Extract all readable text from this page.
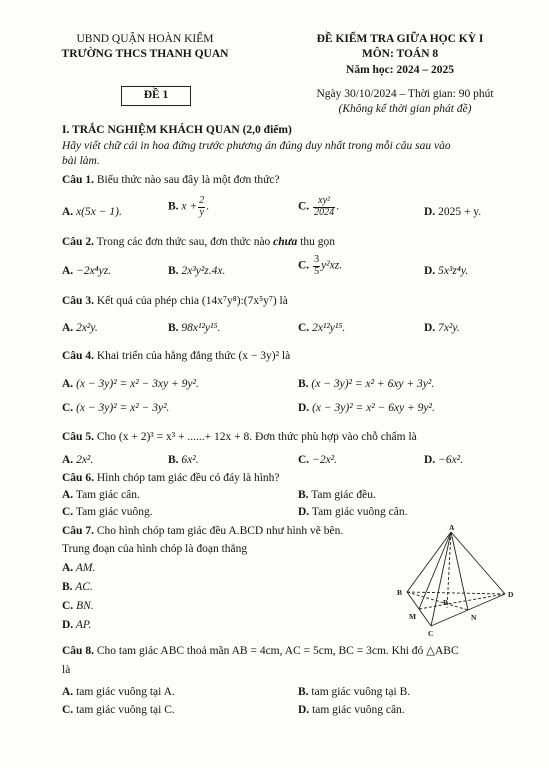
UBND QUẬN HOÀN KIẾM
TRƯỜNG THCS THANH QUAN
ĐỀ KIỂM TRA GIỮA HỌC KỲ I
MÔN: TOÁN 8
Năm học: 2024 – 2025
ĐỀ 1	Ngày 30/10/2024 – Thời gian: 90 phút
(Không kể thời gian phát đề)
I. TRẮC NGHIỆM KHÁCH QUAN (2,0 điểm)
Hãy viết chữ cái in hoa đứng trước phương án đúng duy nhất trong mỗi câu sau vào
bài làm.
Câu 1. Biểu thức nào sau đây là một đơn thức?
A. x(5x − 1).	B. $x + \frac{2}{y}$ .	C. $\frac{\text{xy²}}{2024}$ .	D. 2025 + y.
Câu 2. Trong các đơn thức sau, đơn thức nào chưa thu gọn
A. −2x⁴yz.	B. 2x³y²z.4x.	C. $\frac{3}{5} y^2xz$.	D. 5x³z⁴y.
Câu 3. Kết quả của phép chia (14x⁷y⁸):(7x⁵y⁷) là
A. 2x²y.	B. 98x¹²y¹⁵.	C. 2x¹²y¹⁵.	D. 7x²y.
Câu 4. Khai triển của hằng đẳng thức (x − 3y)² là
A. (x − 3y)² = x² − 3xy + 9y².	B. (x − 3y)² = x² + 6xy + 3y².
C. (x − 3y)² = x² − 3y².	D. (x − 3y)² = x² − 6xy + 9y².
Câu 5. Cho (x + 2)³ = x³ + ......+ 12x + 8. Đơn thức phù hợp vào chỗ chấm là
A. 2x².	B. 6x².	C. −2x².	D. −6x².
Câu 6. Hình chóp tam giác đều có đáy là hình?
A. Tam giác cân.	B. Tam giác đều.
C. Tam giác vuông.	D. Tam giác vuông cân.
Câu 7. Cho hình chóp tam giác đều A.BCD như hình vẽ bên.
Trung đoạn của hình chóp là đoạn thẳng
A. AM.
B. AC.
C. BN.
D. AP.
A
B
C
D
M	N
P
Câu 8. Cho tam giác ABC thoả mãn AB = 4cm, AC = 5cm, BC = 3cm. Khi đó △ABC
là
A. tam giác vuông tại A.	B. tam giác vuông tại B.
C. tam giác vuông tại C.	D. tam giác vuông cân.
